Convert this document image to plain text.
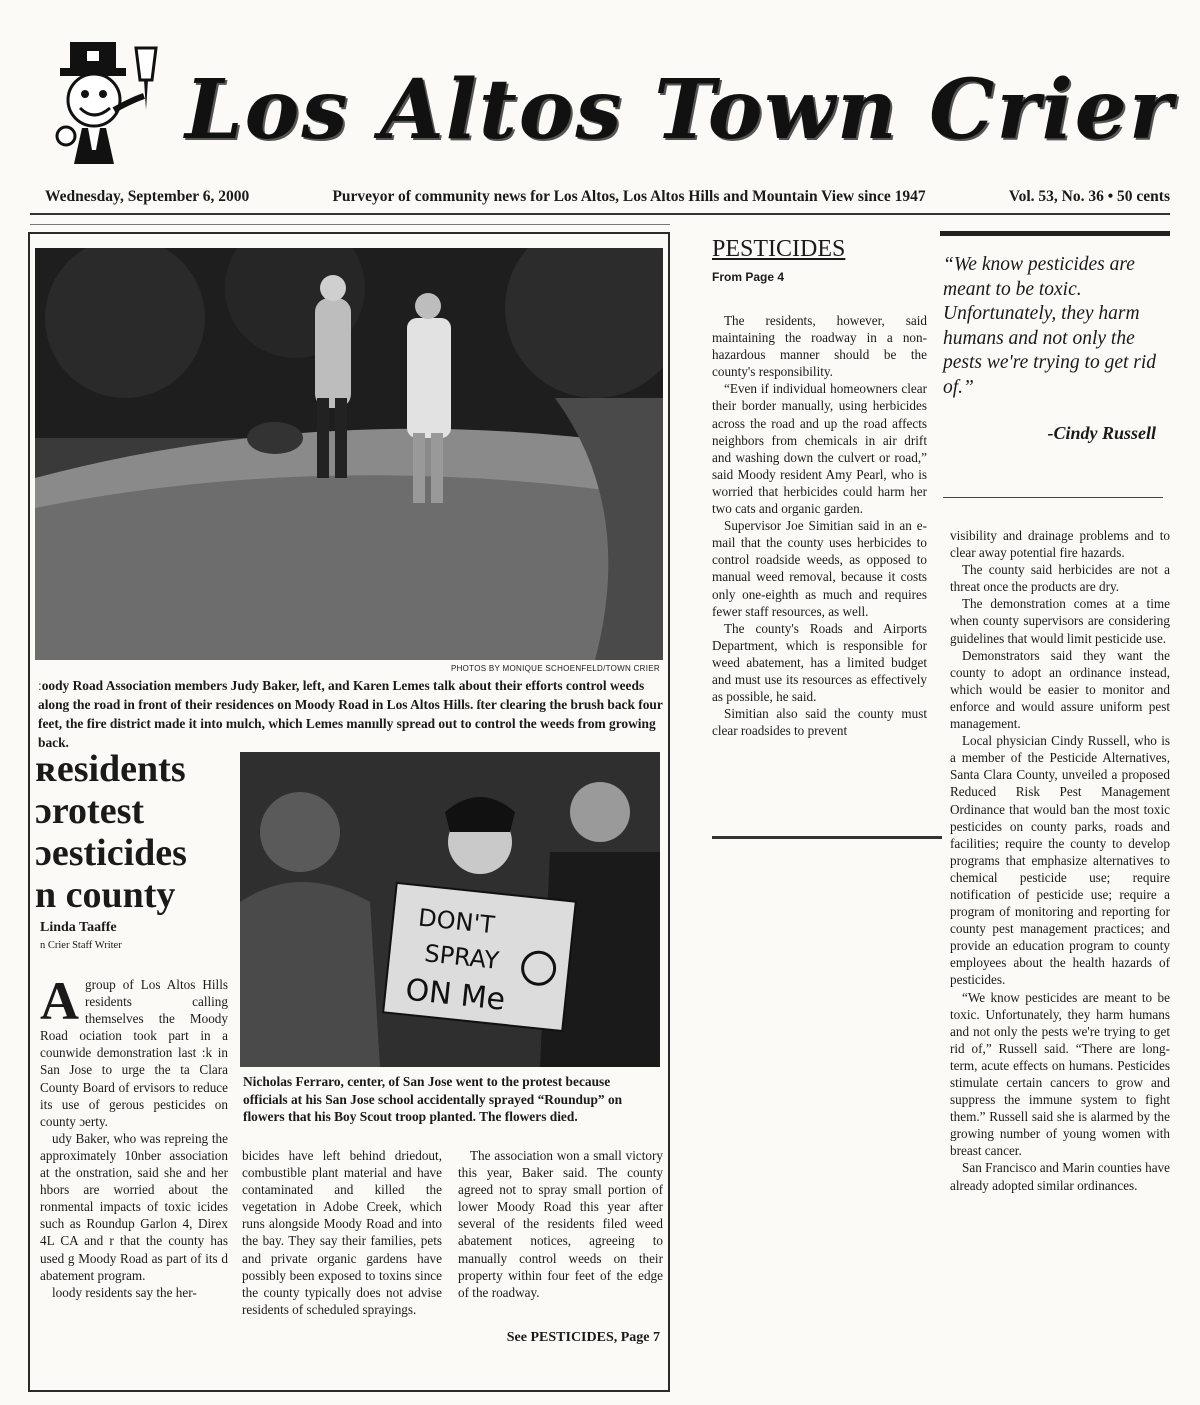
Los Altos Town Crier
Wednesday, September 6, 2000	Purveyor of community news for Los Altos, Los Altos Hills and Mountain View since 1947	Vol. 53, No. 36 • 50 cents
PHOTOS BY MONIQUE SCHOENFELD/TOWN CRIER
ːoody Road Association members Judy Baker, left, and Karen Lemes talk about their efforts control weeds along the road in front of their residences on Moody Road in Los Altos Hills. ſter clearing the brush back four feet, the fire district made it into mulch, which Lemes manıılly spread out to control the weeds from growing back.
ʀesidents
ɔrotest
ɔesticides
n county
Linda Taaffe
n Crier Staff Writer
DON'T
SPRAY
ON Me
Nicholas Ferraro, center, of San Jose went to the protest because officials at his San Jose school accidentally sprayed “Roundup” on flowers that his Boy Scout troop planted. The flowers died.

Agroup of Los Altos Hills residents calling themselves the Moody Road ociation took part in a counwide demonstration last :k in San Jose to urge the ta Clara County Board of ervisors to reduce its use of gerous pesticides on county ɔerty.

udy Baker, who was repreing the approximately 10nber association at the onstration, said she and her hbors are worried about the ronmental impacts of toxic icides such as Roundup Garlon 4, Direx 4L CA and r that the county has used g Moody Road as part of its d abatement program.

loody residents say the her-

bicides have left behind driedout, combustible plant material and have contaminated and killed the vegetation in Adobe Creek, which runs alongside Moody Road and into the bay. They say their families, pets and private organic gardens have possibly been exposed to toxins since the county typically does not advise residents of scheduled sprayings.

The association won a small victory this year, Baker said. The county agreed not to spray small portion of lower Moody Road this year after several of the residents filed weed abatement notices, agreeing to manually control weeds on their property within four feet of the edge of the roadway.

See PESTICIDES, Page 7
PESTICIDES
From Page 4

The residents, however, said maintaining the roadway in a non-hazardous manner should be the county's responsibility.

“Even if individual homeowners clear their border manually, using herbicides across the road and up the road affects neighbors from chemicals in air drift and washing down the culvert or road,” said Moody resident Amy Pearl, who is worried that herbicides could harm her two cats and organic garden.

Supervisor Joe Simitian said in an e-mail that the county uses herbicides to control roadside weeds, as opposed to manual weed removal, because it costs only one-eighth as much and requires fewer staff resources, as well.

The county's Roads and Airports Department, which is responsible for weed abatement, has a limited budget and must use its resources as effectively as possible, he said.

Simitian also said the county must clear roadsides to prevent

“We know pesticides are meant to be toxic. Unfortunately, they harm humans and not only the pests we're trying to get rid of.”
-Cindy Russell

visibility and drainage problems and to clear away potential fire hazards.

The county said herbicides are not a threat once the products are dry.

The demonstration comes at a time when county supervisors are considering guidelines that would limit pesticide use.

Demonstrators said they want the county to adopt an ordinance instead, which would be easier to monitor and enforce and would assure uniform pest management.

Local physician Cindy Russell, who is a member of the Pesticide Alternatives, Santa Clara County, unveiled a proposed Reduced Risk Pest Management Ordinance that would ban the most toxic pesticides on county parks, roads and facilities; require the county to develop programs that emphasize alternatives to chemical pesticide use; require notification of pesticide use; require a program of monitoring and reporting for county pest management practices; and provide an education program to county employees about the health hazards of pesticides.

“We know pesticides are meant to be toxic. Unfortunately, they harm humans and not only the pests we're trying to get rid of,” Russell said. “There are long-term, acute effects on humans. Pesticides stimulate certain cancers to grow and suppress the immune system to fight them.” Russell said she is alarmed by the growing number of young women with breast cancer.

San Francisco and Marin counties have already adopted similar ordinances.
